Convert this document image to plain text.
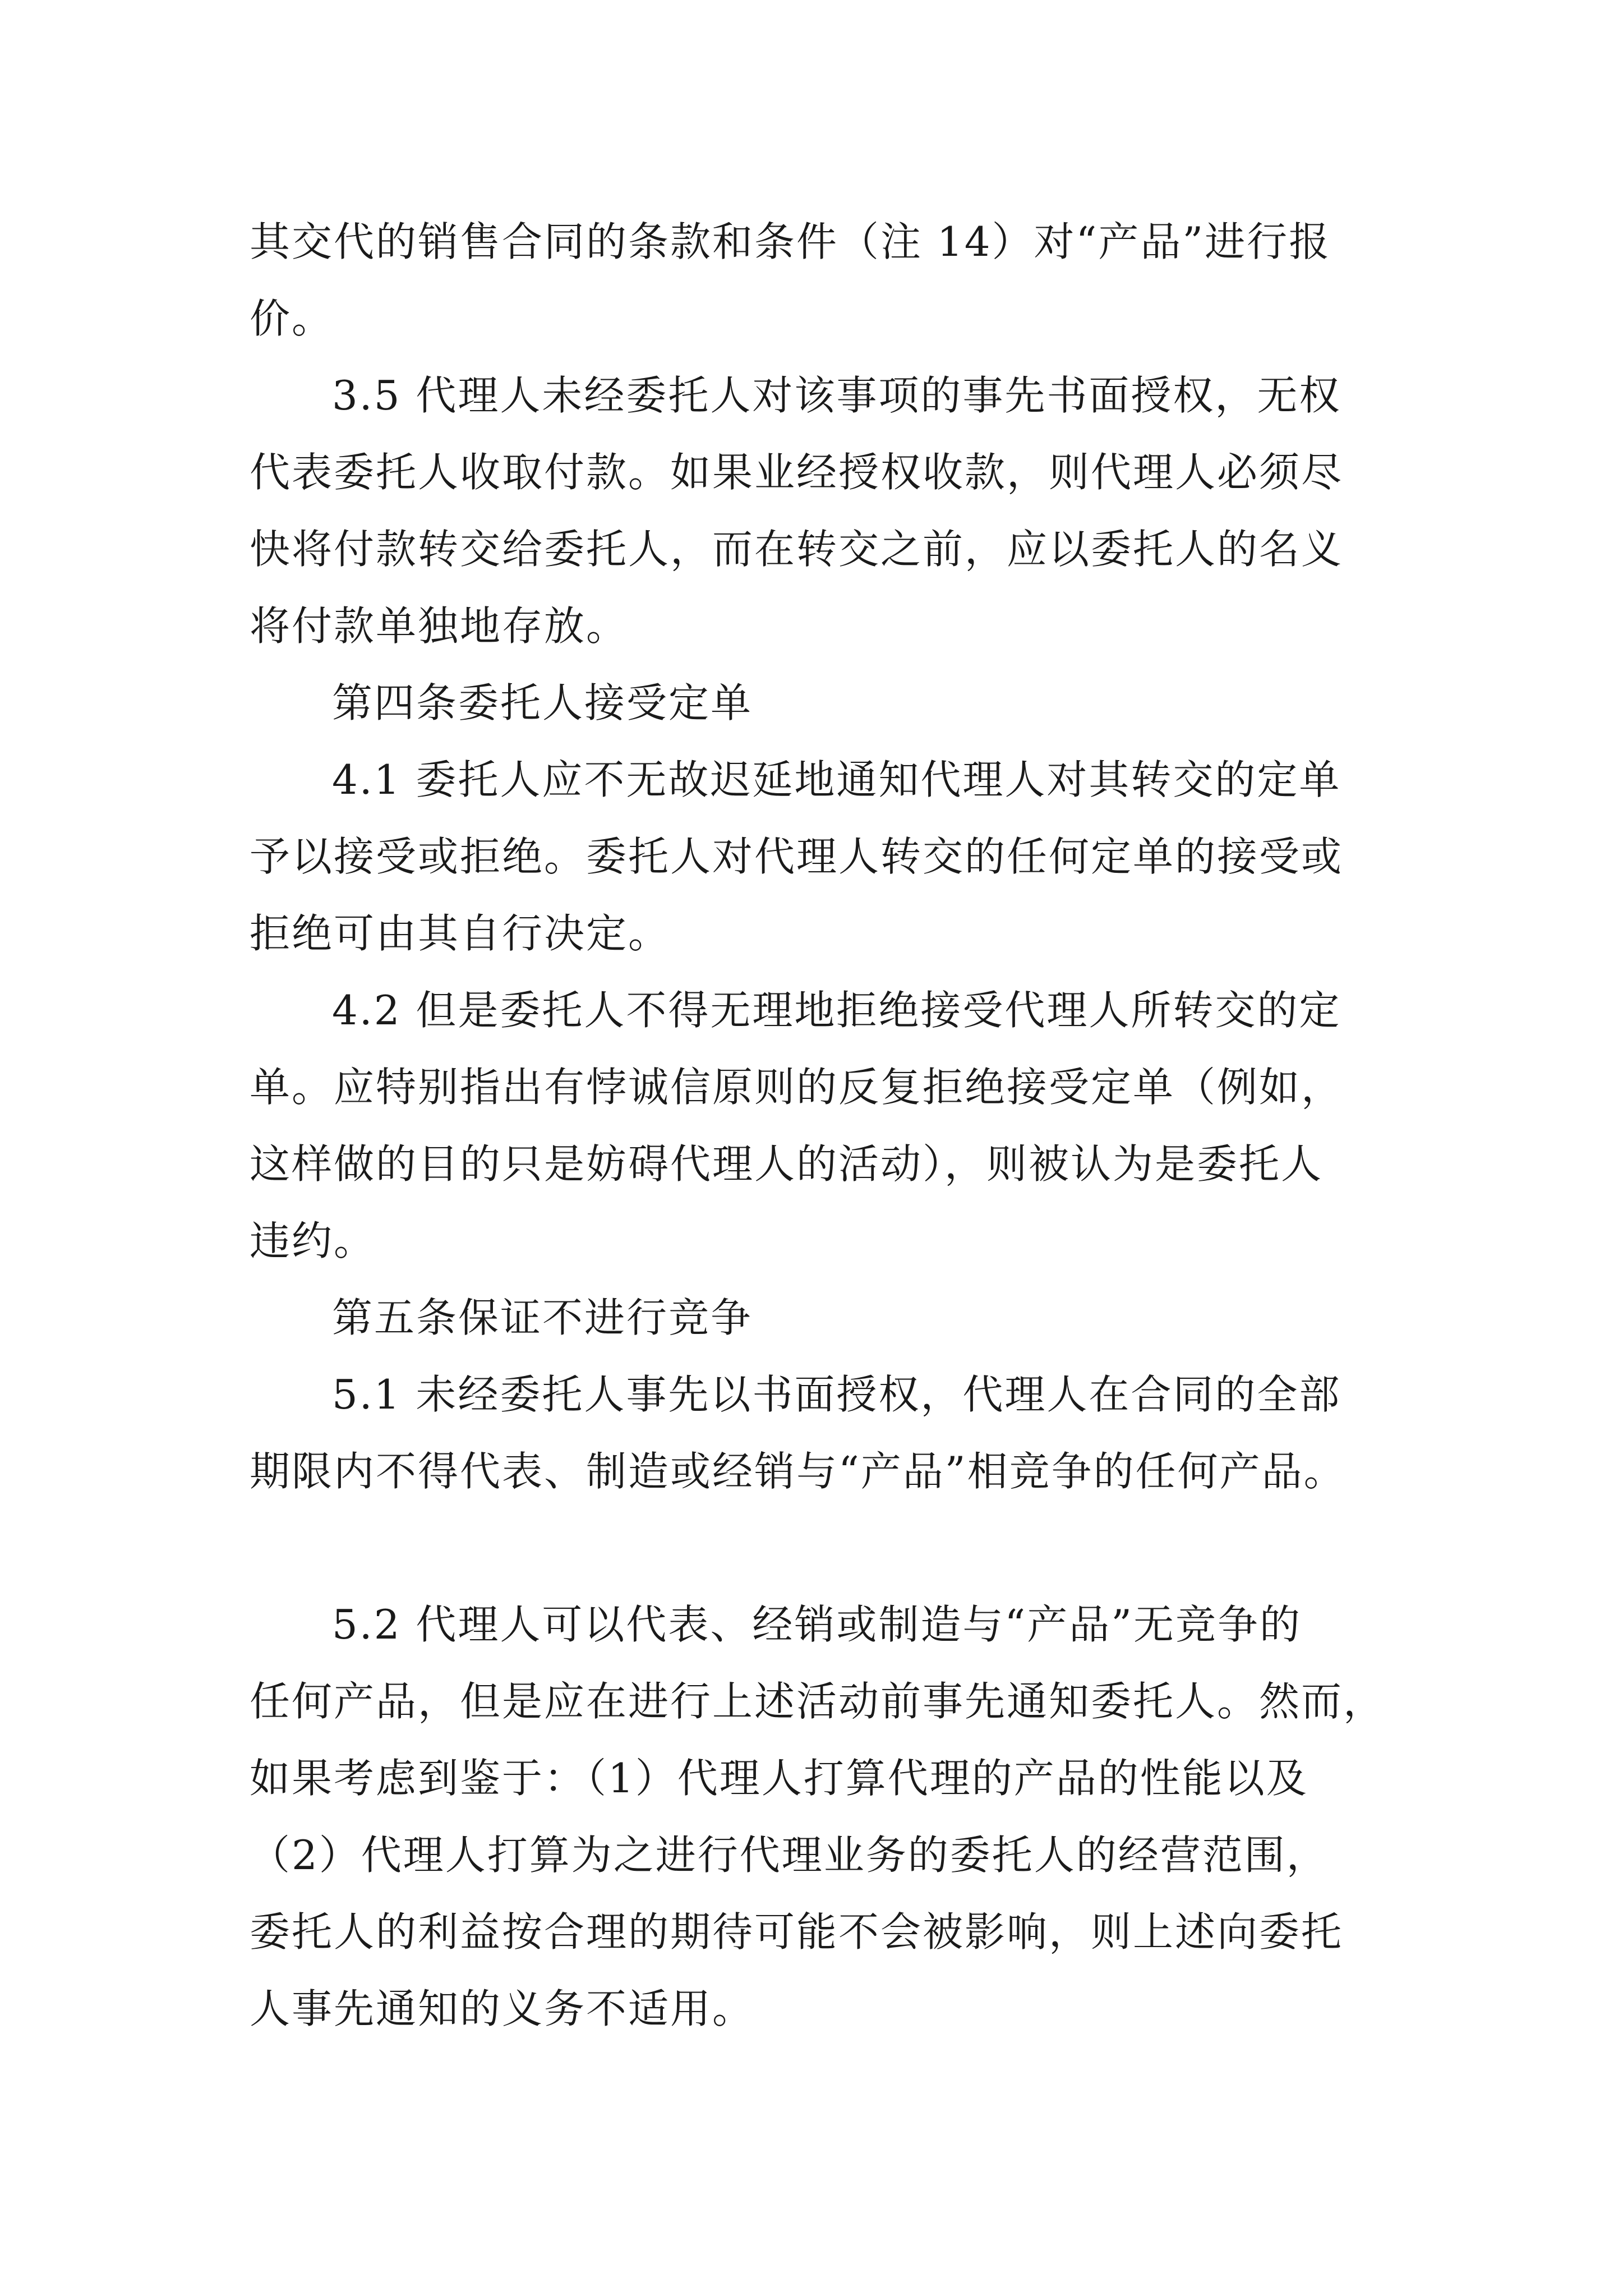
其交代的销售合同的条款和条件（注 14）对“产品”进行报
价。
3.5 代理人未经委托人对该事项的事先书面授权，无权
代表委托人收取付款。如果业经授权收款，则代理人必须尽
快将付款转交给委托人，而在转交之前，应以委托人的名义
将付款单独地存放。
第四条委托人接受定单
4.1 委托人应不无故迟延地通知代理人对其转交的定单
予以接受或拒绝。委托人对代理人转交的任何定单的接受或
拒绝可由其自行决定。
4.2 但是委托人不得无理地拒绝接受代理人所转交的定
单。应特别指出有悖诚信原则的反复拒绝接受定单（例如，
这样做的目的只是妨碍代理人的活动），则被认为是委托人
违约。
第五条保证不进行竞争
5.1 未经委托人事先以书面授权，代理人在合同的全部
期限内不得代表、制造或经销与“产品”相竞争的任何产品。
5.2 代理人可以代表、经销或制造与“产品”无竞争的
任何产品，但是应在进行上述活动前事先通知委托人。然而，
如果考虑到鉴于：（1）代理人打算代理的产品的性能以及
（2）代理人打算为之进行代理业务的委托人的经营范围，
委托人的利益按合理的期待可能不会被影响，则上述向委托
人事先通知的义务不适用。
